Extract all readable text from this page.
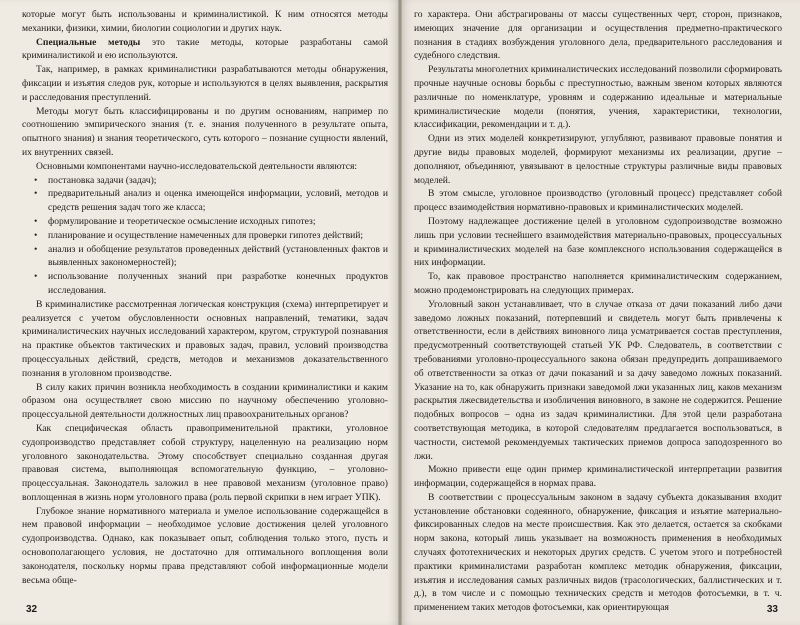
которые могут быть использованы и криминалистикой. К ним относятся методы механики, физики, химии, биологии социологии и других наук.

Специальные методы это такие методы, которые разработаны самой криминалистикой и ею используются.

Так, например, в рамках криминалистики разрабатываются методы обнаружения, фиксации и изъятия следов рук, которые и используются в целях выявления, раскрытия и расследования преступлений.

Методы могут быть классифицированы и по другим основаниям, например по соотношению эмпирического знания (т. е. знания полученного в результате опыта, опытного знания) и знания теоретического, суть которого – познание сущности явлений, их внутренних связей.

Основными компонентами научно-исследовательской деятельности являются:

• постановка задачи (задач);
• предварительный анализ и оценка имеющейся информации, условий, методов и средств решения задач того же класса;
• формулирование и теоретическое осмысление исходных гипотез;
• планирование и осуществление намеченных для проверки гипотез действий;
• анализ и обобщение результатов проведенных действий (установленных фактов и выявленных закономерностей);
• использование полученных знаний при разработке конечных продуктов исследования.

В криминалистике рассмотренная логическая конструкция (схема) интерпретирует и реализуется с учетом обусловленности основных направлений, тематики, задач криминалистических научных исследований характером, кругом, структурой познавания на практике объектов тактических и правовых задач, правил, условий производства процессуальных действий, средств, методов и механизмов доказательственного познания в уголовном производстве.

В силу каких причин возникла необходимость в создании криминалистики и каким образом она осуществляет свою миссию по научному обеспечению уголовно-процессуальной деятельности должностных лиц правоохранительных органов?

Как специфическая область правоприменительной практики, уголовное судопроизводство представляет собой структуру, нацеленную на реализацию норм уголовного законодательства. Этому способствует специально созданная другая правовая система, выполняющая вспомогательную функцию, – уголовно-процессуальная. Законодатель заложил в нее правовой механизм (уголовное право) воплощенная в жизнь норм уголовного права (роль первой скрипки в нем играет УПК).

Глубокое знание нормативного материала и умелое использование содержащейся в нем правовой информации – необходимое условие достижения целей уголовного судопроизводства. Однако, как показывает опыт, соблюдения только этого, пусть и основополагающего условия, не достаточно для оптимального воплощения воли законодателя, поскольку нормы права представляют собой информационные модели весьма обще-

32

го характера. Они абстрагированы от массы существенных черт, сторон, признаков, имеющих значение для организации и осуществления предметно-практического познания в стадиях возбуждения уголовного дела, предварительного расследования и судебного следствия.

Результаты многолетних криминалистических исследований позволили сформировать прочные научные основы борьбы с преступностью, важным звеном которых являются различные по номенклатуре, уровням и содержанию идеальные и материальные криминалистические модели (понятия, учения, характеристики, технологии, классификации, рекомендации и т. д.).

Одни из этих моделей конкретизируют, углубляют, развивают правовые понятия и другие виды правовых моделей, формируют механизмы их реализации, другие – дополняют, объединяют, увязывают в целостные структуры различные виды правовых моделей.

В этом смысле, уголовное производство (уголовный процесс) представляет собой процесс взаимодействия нормативно-правовых и криминалистических моделей.

Поэтому надлежащее достижение целей в уголовном судопроизводстве возможно лишь при условии теснейшего взаимодействия материально-правовых, процессуальных и криминалистических моделей на базе комплексного использования содержащейся в них информации.

То, как правовое пространство наполняется криминалистическим содержанием, можно продемонстрировать на следующих примерах.

Уголовный закон устанавливает, что в случае отказа от дачи показаний либо дачи заведомо ложных показаний, потерпевший и свидетель могут быть привлечены к ответственности, если в действиях виновного лица усматривается состав преступления, предусмотренный соответствующей статьей УК РФ. Следователь, в соответствии с требованиями уголовно-процессуального закона обязан предупредить допрашиваемого об ответственности за отказ от дачи показаний и за дачу заведомо ложных показаний. Указание на то, как обнаружить признаки заведомой лжи указанных лиц, каков механизм раскрытия лжесвидетельства и изобличения виновного, в законе не содержится. Решение подобных вопросов – одна из задач криминалистики. Для этой цели разработана соответствующая методика, в которой следователям предлагается воспользоваться, в частности, системой рекомендуемых тактических приемов допроса заподозренного во лжи.

Можно привести еще один пример криминалистической интерпретации развития информации, содержащейся в нормах права.

В соответствии с процессуальным законом в задачу субъекта доказывания входит установление обстановки содеянного, обнаружение, фиксация и изъятие материально-фиксированных следов на месте происшествия. Как это делается, остается за скобками норм закона, который лишь указывает на возможность применения в необходимых случаях фототехнических и некоторых других средств. С учетом этого и потребностей практики криминалистами разработан комплекс методик обнаружения, фиксации, изъятия и исследования самых различных видов (трасологических, баллистических и т. д.), в том числе и с помощью технических средств и методов фотосъемки, в т. ч. применением таких методов фотосъемки, как ориентирующая	33
